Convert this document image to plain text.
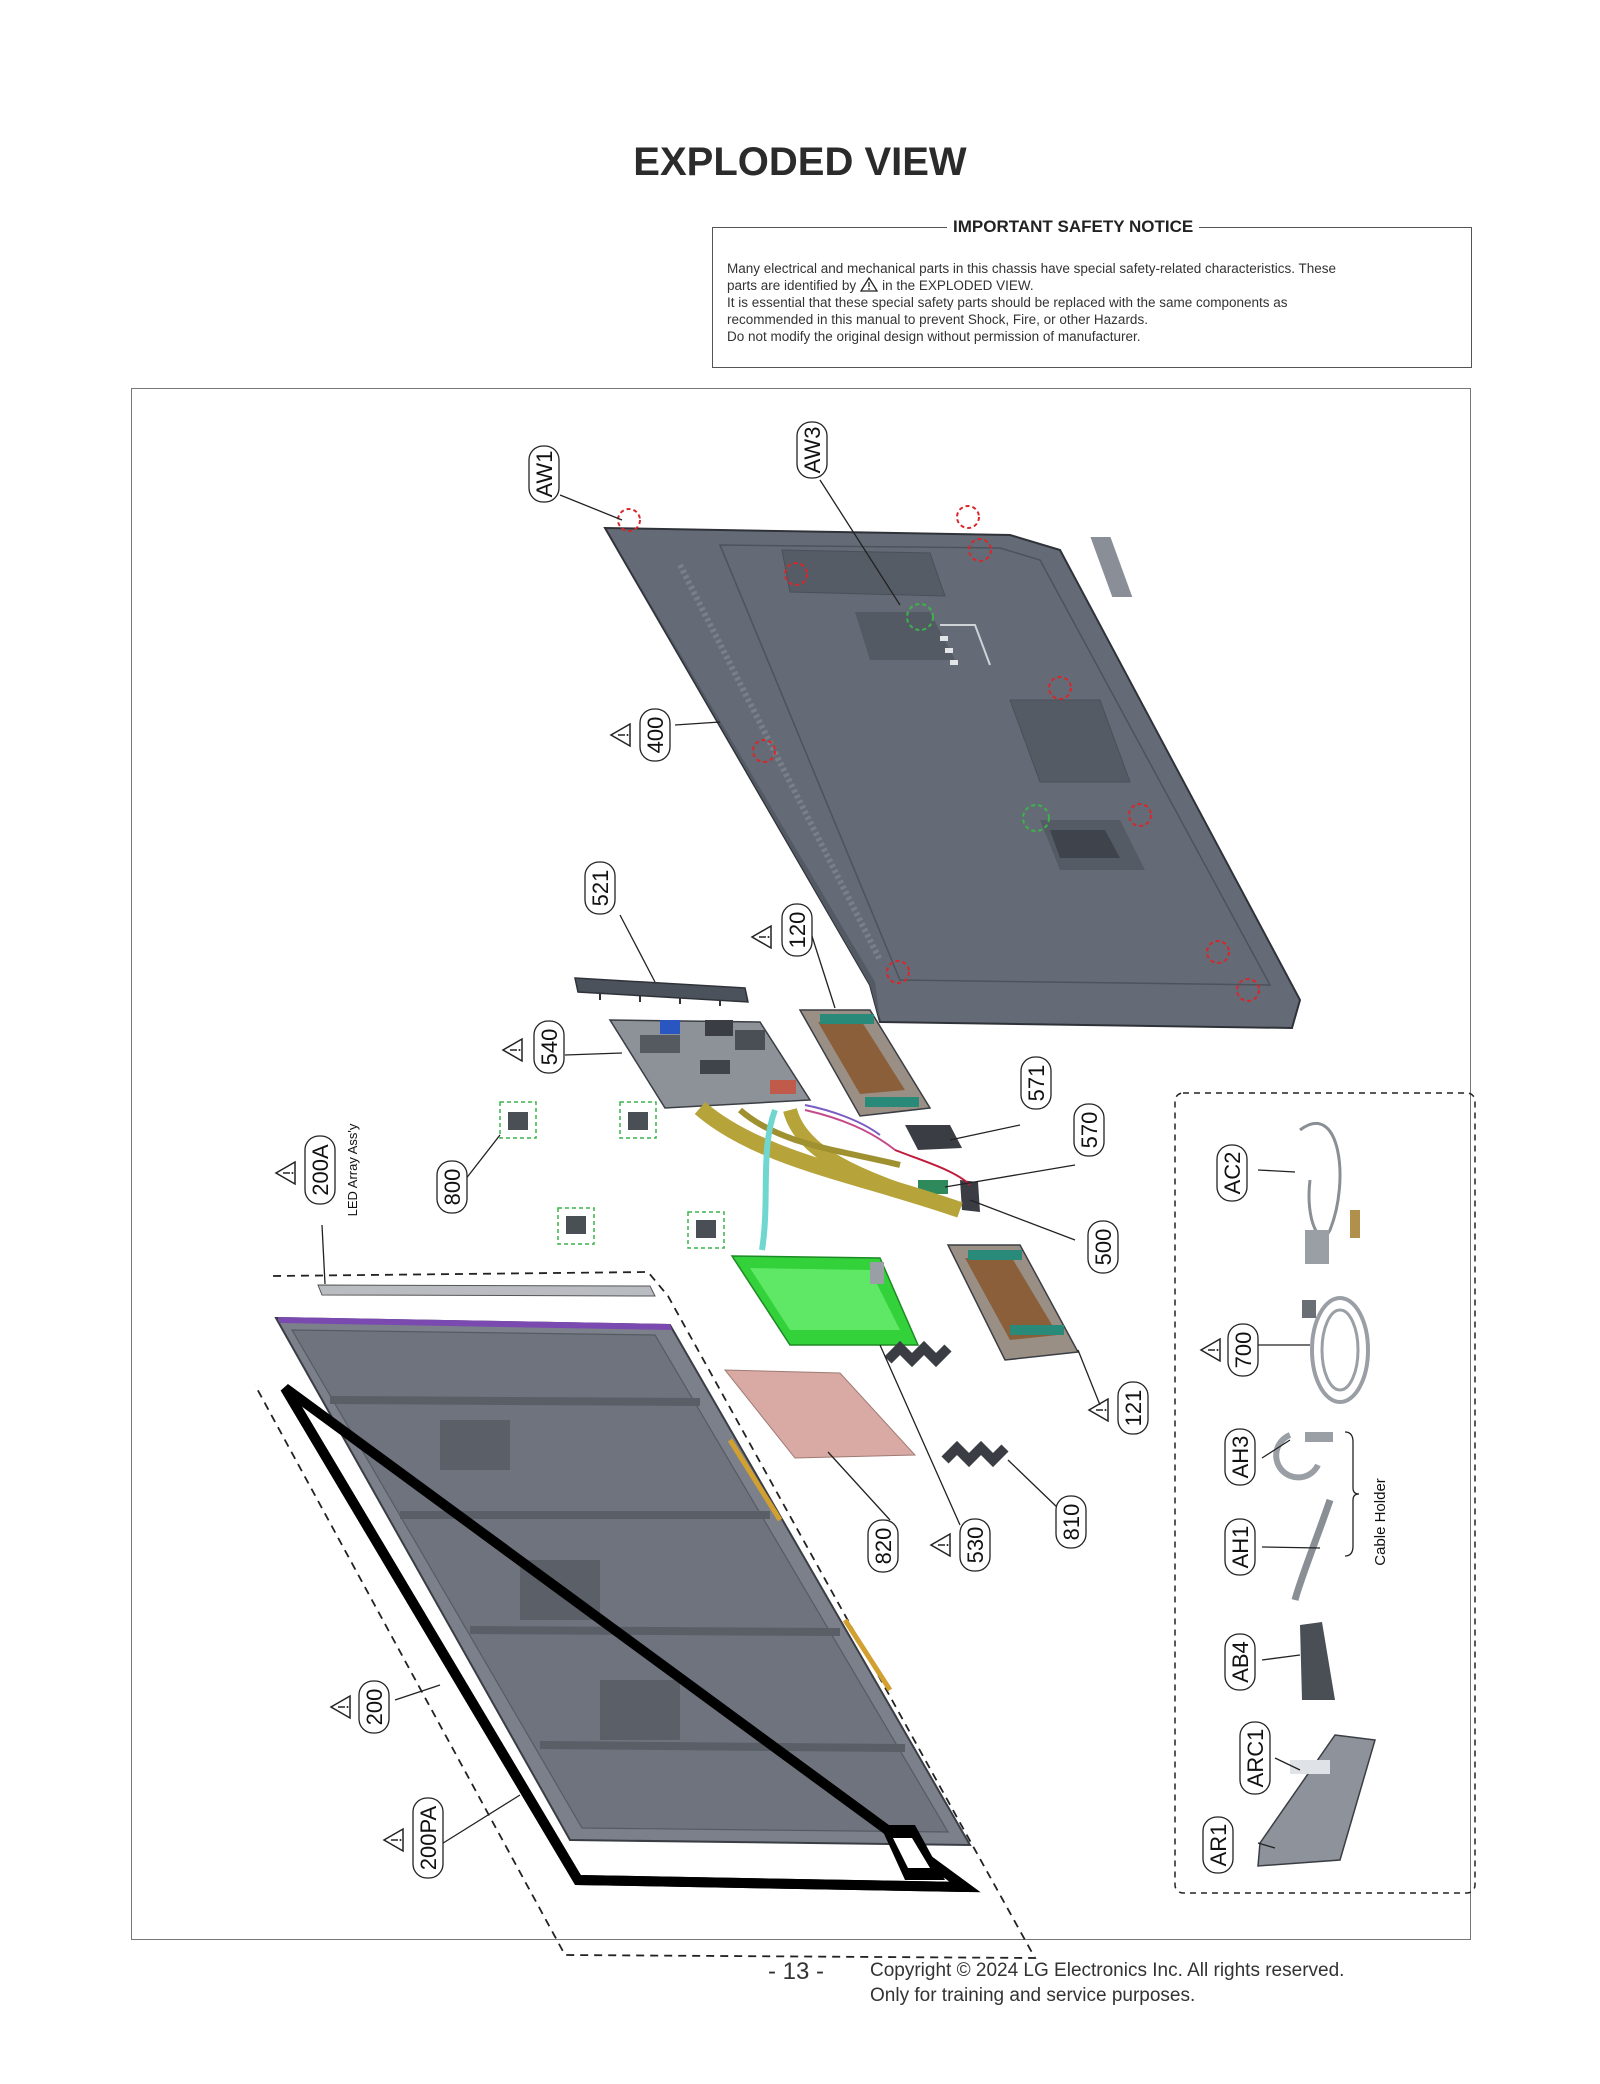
EXPLODED VIEW
IMPORTANT SAFETY NOTICE
Many electrical and mechanical parts in this chassis have special safety-related characteristics. These
parts are identified by in the EXPLODED VIEW.
It is essential that these special safety parts should be replaced with the same components as
recommended in this manual to prevent Shock, Fire, or other Hazards.
Do not modify the original design without permission of manufacturer.
AW1
AW3
400
521
120
540
571
570
500
800
200A LED Array Ass'y
121
820	530
810
200
200PA
AC2
700
AH3
AH1	Cable Holder
AB4
ARC1
AR1
- 13 - Copyright © 2024 LG Electronics Inc. All rights reserved.
Only for training and service purposes.
